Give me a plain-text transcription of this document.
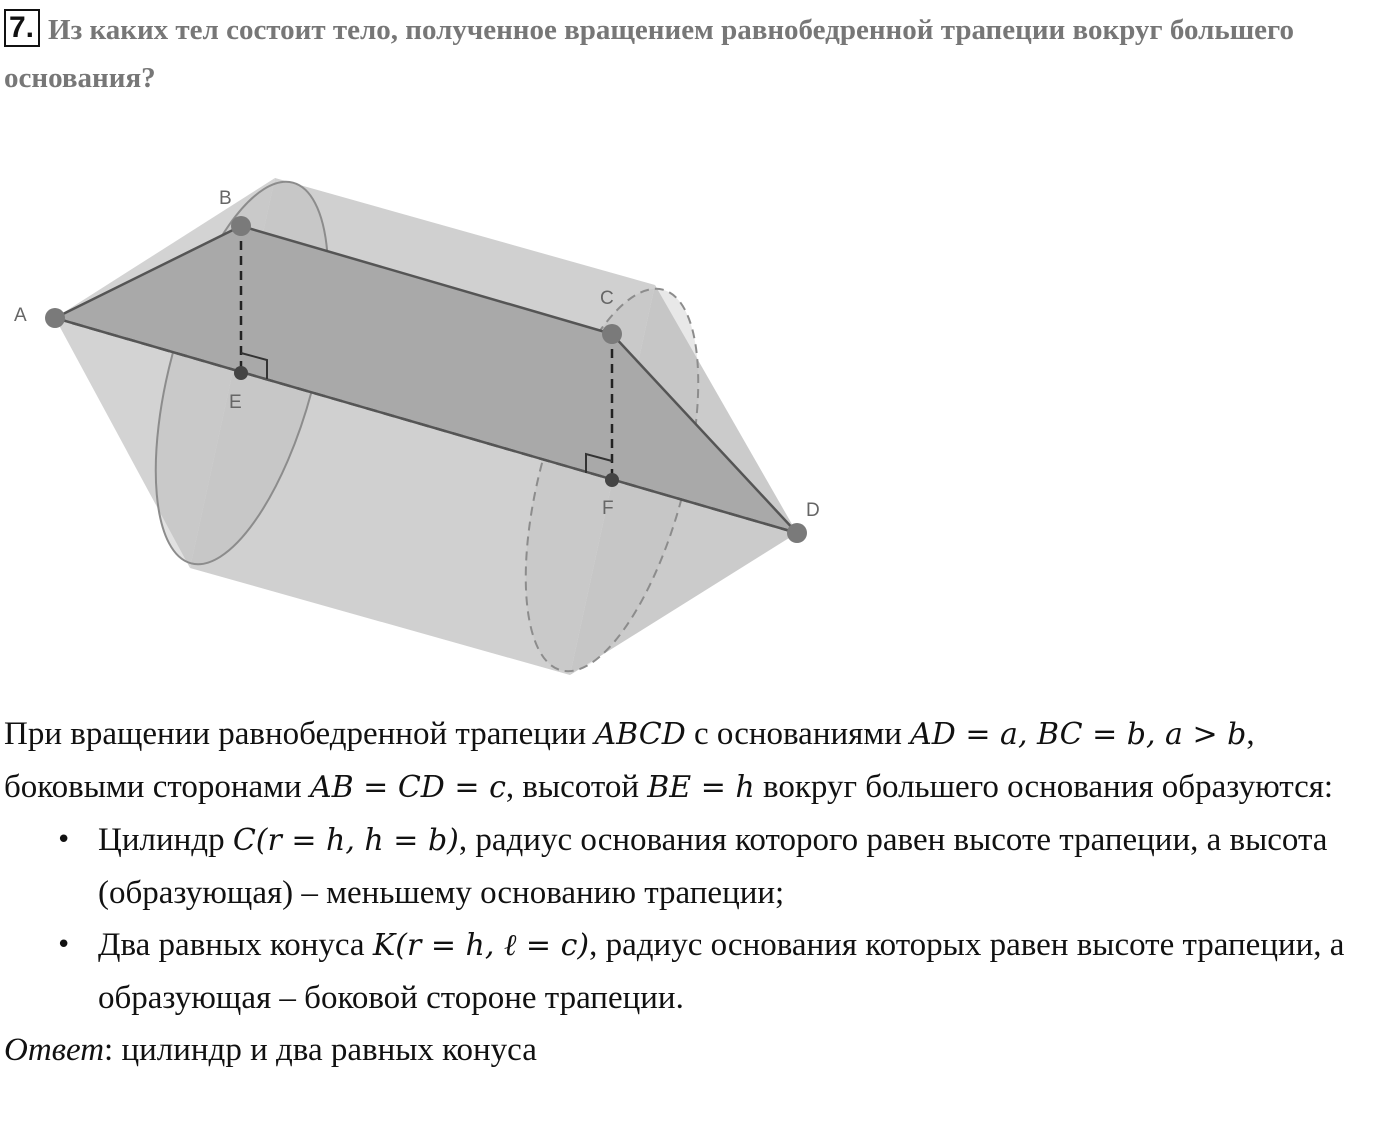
7. Из каких тел состоит тело, полученное вращением равнобедренной трапеции вокруг большего основания?
A
B
C
D
E
F
При вращении равнобедренной трапеции ABCD с основаниями AD = a, BC = b, a > b, боковыми сторонами AB = CD = c, высотой BE = h вокруг большего основания образуются:
• Цилиндр C(r = h, h = b), радиус основания которого равен высоте трапеции, а высота (образующая) – меньшему основанию трапеции;
• Два равных конуса K(r = h, ℓ = c), радиус основания которых равен высоте трапеции, а образующая – боковой стороне трапеции.
Ответ: цилиндр и два равных конуса
